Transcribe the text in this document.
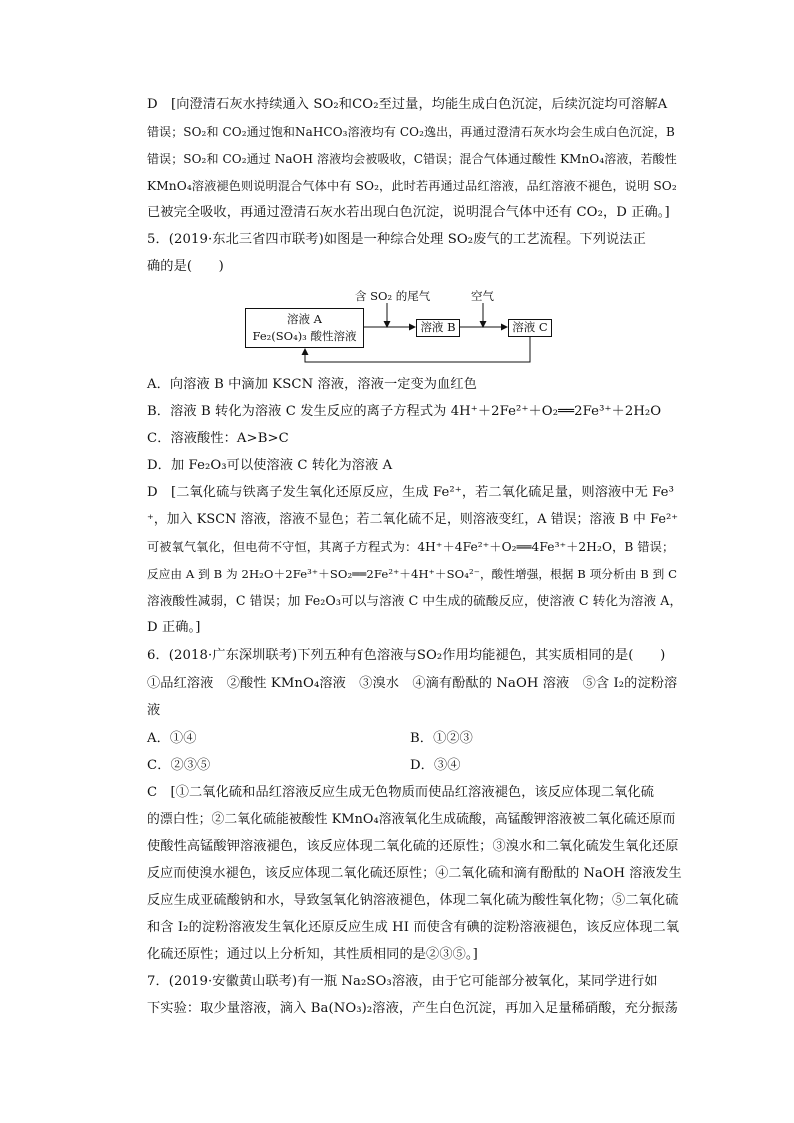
D　[向澄清石灰水持续通入 SO₂和CO₂至过量，均能生成白色沉淀，后续沉淀均可溶解A
错误；SO₂和 CO₂通过饱和NaHCO₃溶液均有 CO₂逸出，再通过澄清石灰水均会生成白色沉淀，B
错误；SO₂和 CO₂通过 NaOH 溶液均会被吸收，C错误；混合气体通过酸性 KMnO₄溶液，若酸性
KMnO₄溶液褪色则说明混合气体中有 SO₂，此时若再通过品红溶液，品红溶液不褪色，说明 SO₂
已被完全吸收，再通过澄清石灰水若出现白色沉淀，说明混合气体中还有 CO₂，D 正确。]
5．(2019·东北三省四市联考)如图是一种综合处理 SO₂废气的工艺流程。下列说法正
确的是(　　)
含 SO₂ 的尾气	空气
溶液 A
Fe₂(SO₄)₃ 酸性溶液
溶液 B	溶液 C
A．向溶液 B 中滴加 KSCN 溶液，溶液一定变为血红色
B．溶液 B 转化为溶液 C 发生反应的离子方程式为 4H⁺＋2Fe²⁺＋O₂══2Fe³⁺＋2H₂O
C．溶液酸性：A>B>C
D．加 Fe₂O₃可以使溶液 C 转化为溶液 A
D　[二氧化硫与铁离子发生氧化还原反应，生成 Fe²⁺，若二氧化硫足量，则溶液中无 Fe³
⁺，加入 KSCN 溶液，溶液不显色；若二氧化硫不足，则溶液变红，A 错误；溶液 B 中 Fe²⁺
可被氧气氧化，但电荷不守恒，其离子方程式为：4H⁺＋4Fe²⁺＋O₂══4Fe³⁺＋2H₂O，B 错误；
反应由 A 到 B 为 2H₂O＋2Fe³⁺＋SO₂══2Fe²⁺＋4H⁺＋SO₄²⁻，酸性增强，根据 B 项分析由 B 到 C
溶液酸性减弱，C 错误；加 Fe₂O₃可以与溶液 C 中生成的硫酸反应，使溶液 C 转化为溶液 A，
D 正确。]
6．(2018·广东深圳联考)下列五种有色溶液与SO₂作用均能褪色，其实质相同的是(　　)
①品红溶液　②酸性 KMnO₄溶液　③溴水　④滴有酚酞的 NaOH 溶液　⑤含 I₂的淀粉溶
液
A．①④	B．①②③
C．②③⑤	D．③④
C　[①二氧化硫和品红溶液反应生成无色物质而使品红溶液褪色，该反应体现二氧化硫
的漂白性；②二氧化硫能被酸性 KMnO₄溶液氧化生成硫酸，高锰酸钾溶液被二氧化硫还原而
使酸性高锰酸钾溶液褪色，该反应体现二氧化硫的还原性；③溴水和二氧化硫发生氧化还原
反应而使溴水褪色，该反应体现二氧化硫还原性；④二氧化硫和滴有酚酞的 NaOH 溶液发生
反应生成亚硫酸钠和水，导致氢氧化钠溶液褪色，体现二氧化硫为酸性氧化物；⑤二氧化硫
和含 I₂的淀粉溶液发生氧化还原反应生成 HI 而使含有碘的淀粉溶液褪色，该反应体现二氧
化硫还原性；通过以上分析知，其性质相同的是②③⑤。]
7．(2019·安徽黄山联考)有一瓶 Na₂SO₃溶液，由于它可能部分被氧化，某同学进行如
下实验：取少量溶液，滴入 Ba(NO₃)₂溶液，产生白色沉淀，再加入足量稀硝酸，充分振荡
